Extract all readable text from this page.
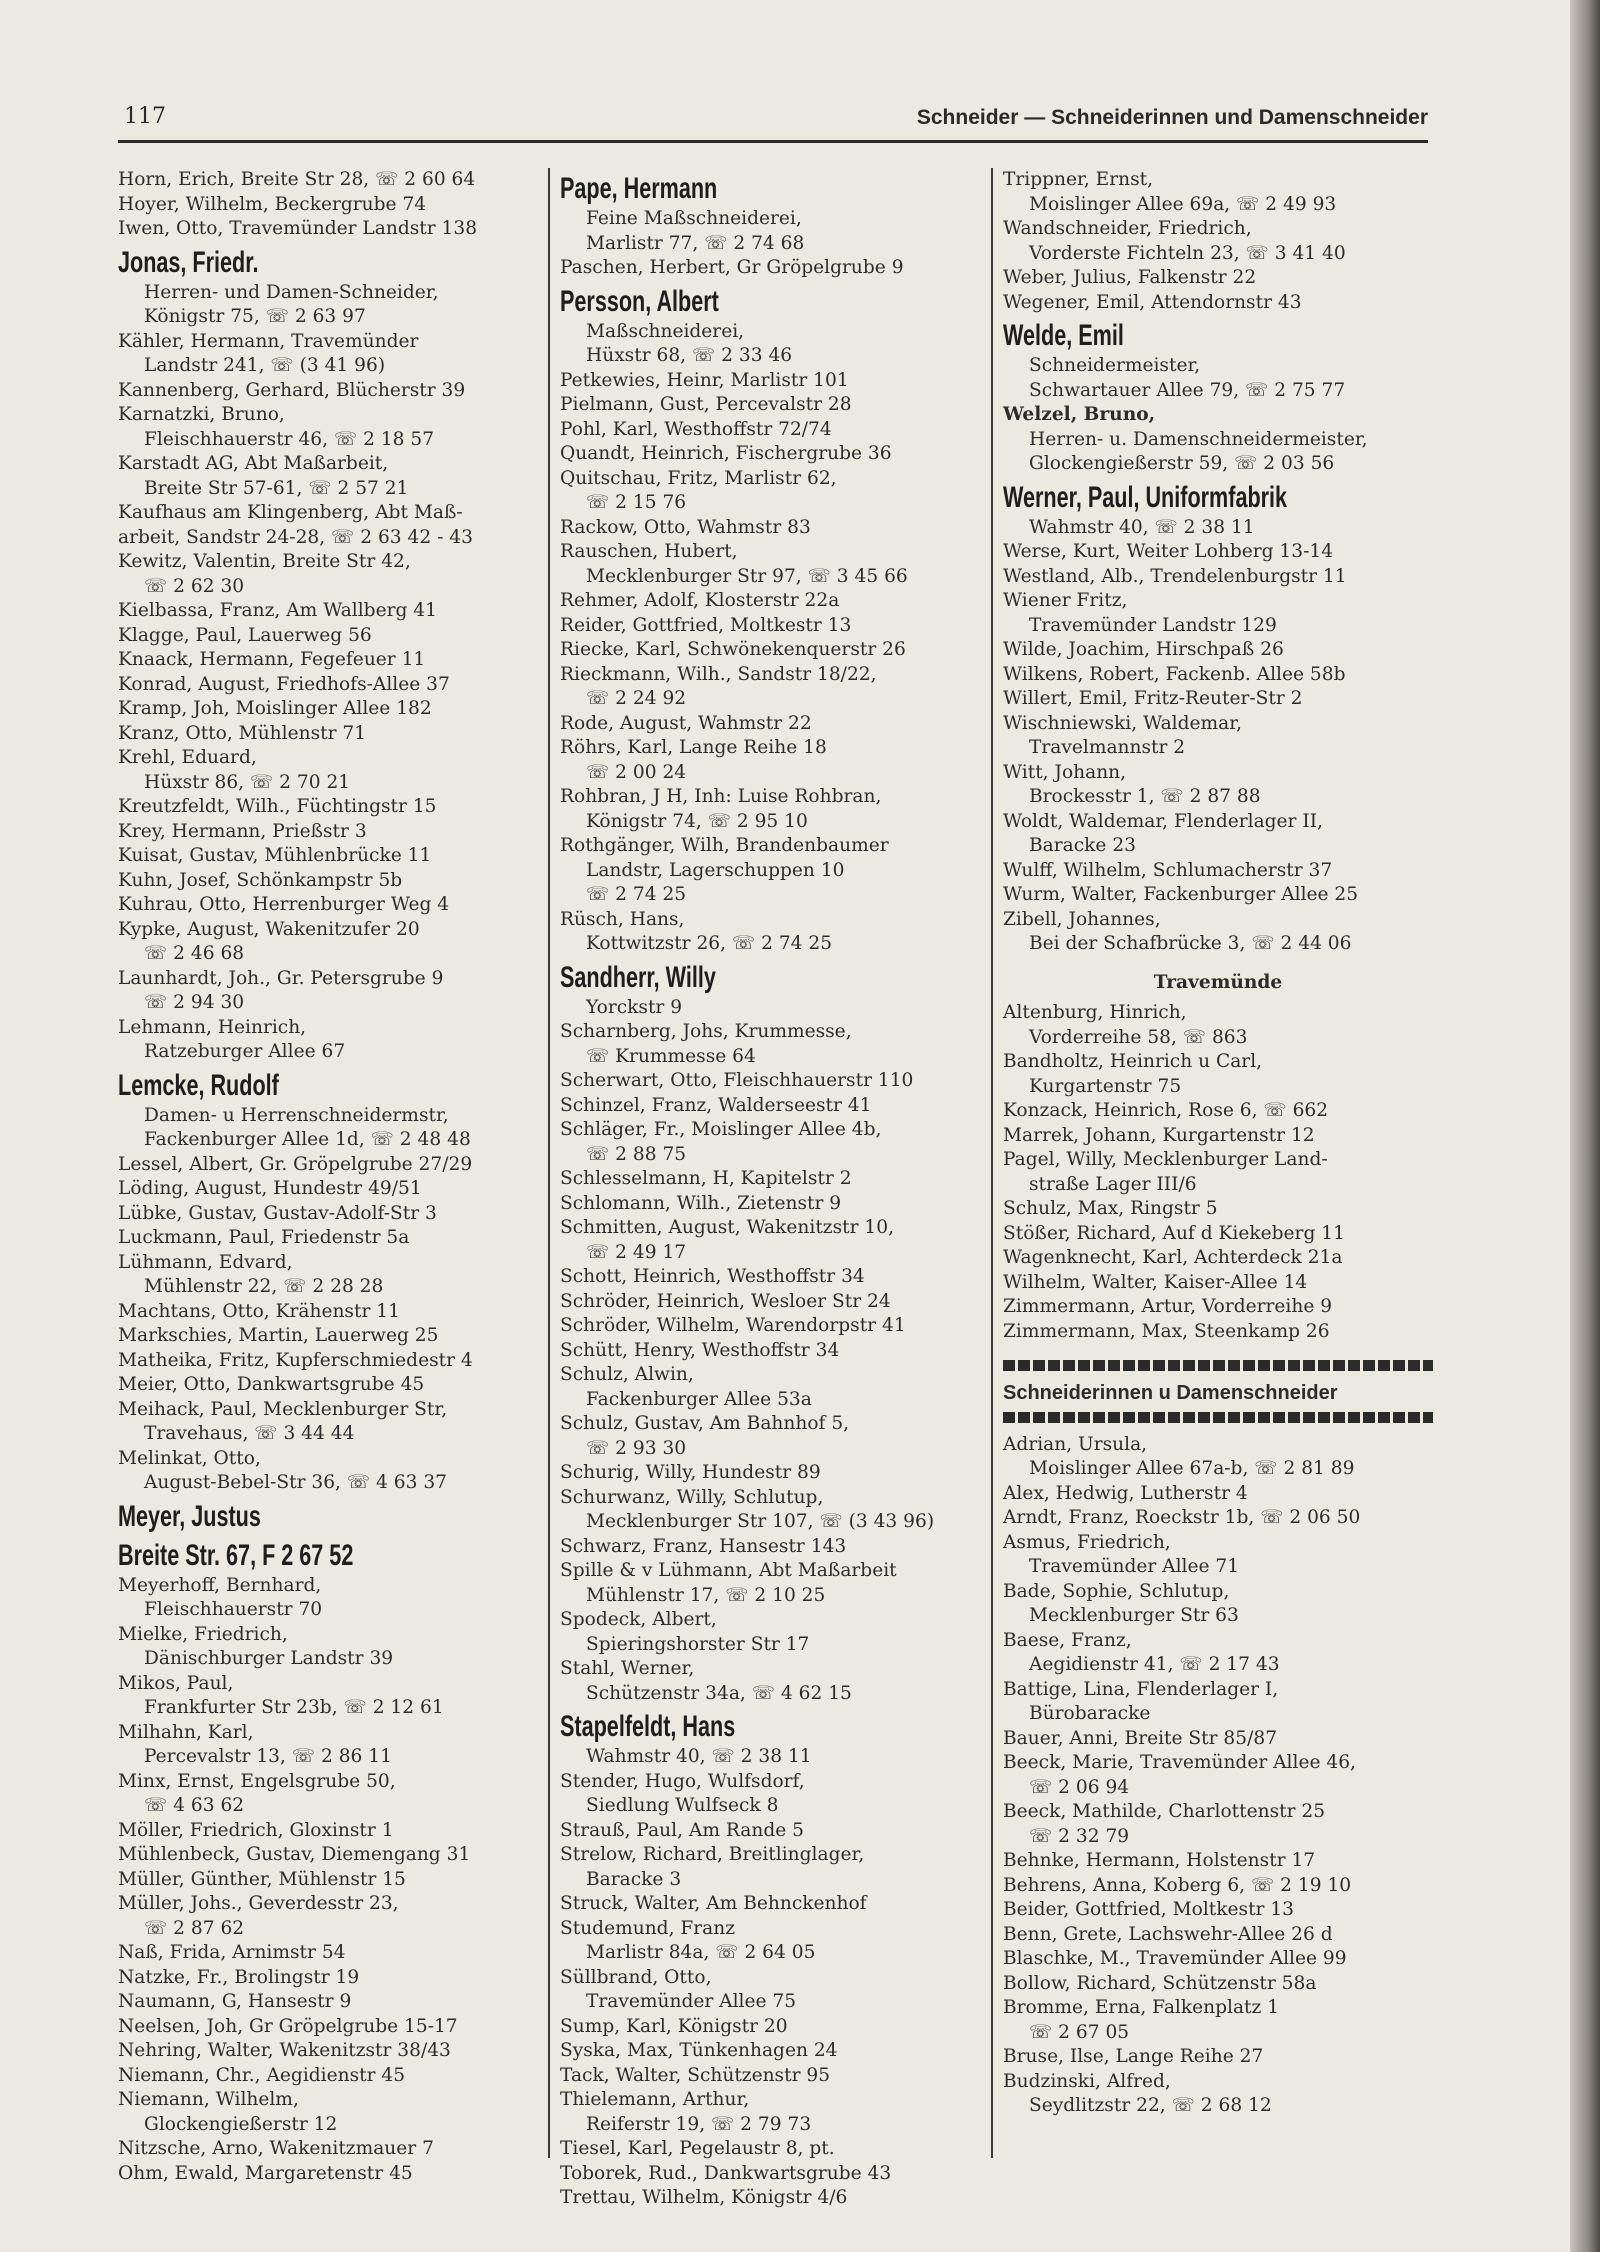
117	Schneider — Schneiderinnen und Damenschneider
Horn, Erich, Breite Str 28, ☏ 2 60 64
Hoyer, Wilhelm, Beckergrube 74
Iwen, Otto, Travemünder Landstr 138
Jonas, Friedr.
Herren- und Damen-Schneider,
Königstr 75, ☏ 2 63 97
Kähler, Hermann, Travemünder
Landstr 241, ☏ (3 41 96)
Kannenberg, Gerhard, Blücherstr 39
Karnatzki, Bruno,
Fleischhauerstr 46, ☏ 2 18 57
Karstadt AG, Abt Maßarbeit,
Breite Str 57-61, ☏ 2 57 21
Kaufhaus am Klingenberg, Abt Maß-
arbeit, Sandstr 24-28, ☏ 2 63 42 - 43
Kewitz, Valentin, Breite Str 42,
☏ 2 62 30
Kielbassa, Franz, Am Wallberg 41
Klagge, Paul, Lauerweg 56
Knaack, Hermann, Fegefeuer 11
Konrad, August, Friedhofs-Allee 37
Kramp, Joh, Moislinger Allee 182
Kranz, Otto, Mühlenstr 71
Krehl, Eduard,
Hüxstr 86, ☏ 2 70 21
Kreutzfeldt, Wilh., Füchtingstr 15
Krey, Hermann, Prießstr 3
Kuisat, Gustav, Mühlenbrücke 11
Kuhn, Josef, Schönkampstr 5b
Kuhrau, Otto, Herrenburger Weg 4
Kypke, August, Wakenitzufer 20
☏ 2 46 68
Launhardt, Joh., Gr. Petersgrube 9
☏ 2 94 30
Lehmann, Heinrich,
Ratzeburger Allee 67
Lemcke, Rudolf
Damen- u Herrenschneidermstr,
Fackenburger Allee 1d, ☏ 2 48 48
Lessel, Albert, Gr. Gröpelgrube 27/29
Löding, August, Hundestr 49/51
Lübke, Gustav, Gustav-Adolf-Str 3
Luckmann, Paul, Friedenstr 5a
Lühmann, Edvard,
Mühlenstr 22, ☏ 2 28 28
Machtans, Otto, Krähenstr 11
Markschies, Martin, Lauerweg 25
Matheika, Fritz, Kupferschmiedestr 4
Meier, Otto, Dankwartsgrube 45
Meihack, Paul, Mecklenburger Str,
Travehaus, ☏ 3 44 44
Melinkat, Otto,
August-Bebel-Str 36, ☏ 4 63 37
Meyer, Justus
Breite Str. 67, F 2 67 52
Meyerhoff, Bernhard,
Fleischhauerstr 70
Mielke, Friedrich,
Dänischburger Landstr 39
Mikos, Paul,
Frankfurter Str 23b, ☏ 2 12 61
Milhahn, Karl,
Percevalstr 13, ☏ 2 86 11
Minx, Ernst, Engelsgrube 50,
☏ 4 63 62
Möller, Friedrich, Gloxinstr 1
Mühlenbeck, Gustav, Diemengang 31
Müller, Günther, Mühlenstr 15
Müller, Johs., Geverdesstr 23,
☏ 2 87 62
Naß, Frida, Arnimstr 54
Natzke, Fr., Brolingstr 19
Naumann, G, Hansestr 9
Neelsen, Joh, Gr Gröpelgrube 15-17
Nehring, Walter, Wakenitzstr 38/43
Niemann, Chr., Aegidienstr 45
Niemann, Wilhelm,
Glockengießerstr 12
Nitzsche, Arno, Wakenitzmauer 7
Ohm, Ewald, Margaretenstr 45
Pape, Hermann
Feine Maßschneiderei,
Marlistr 77, ☏ 2 74 68
Paschen, Herbert, Gr Gröpelgrube 9
Persson, Albert
Maßschneiderei,
Hüxstr 68, ☏ 2 33 46
Petkewies, Heinr, Marlistr 101
Pielmann, Gust, Percevalstr 28
Pohl, Karl, Westhoffstr 72/74
Quandt, Heinrich, Fischergrube 36
Quitschau, Fritz, Marlistr 62,
☏ 2 15 76
Rackow, Otto, Wahmstr 83
Rauschen, Hubert,
Mecklenburger Str 97, ☏ 3 45 66
Rehmer, Adolf, Klosterstr 22a
Reider, Gottfried, Moltkestr 13
Riecke, Karl, Schwönekenquerstr 26
Rieckmann, Wilh., Sandstr 18/22,
☏ 2 24 92
Rode, August, Wahmstr 22
Röhrs, Karl, Lange Reihe 18
☏ 2 00 24
Rohbran, J H, Inh: Luise Rohbran,
Königstr 74, ☏ 2 95 10
Rothgänger, Wilh, Brandenbaumer
Landstr, Lagerschuppen 10
☏ 2 74 25
Rüsch, Hans,
Kottwitzstr 26, ☏ 2 74 25
Sandherr, Willy
Yorckstr 9
Scharnberg, Johs, Krummesse,
☏ Krummesse 64
Scherwart, Otto, Fleischhauerstr 110
Schinzel, Franz, Walderseestr 41
Schläger, Fr., Moislinger Allee 4b,
☏ 2 88 75
Schlesselmann, H, Kapitelstr 2
Schlomann, Wilh., Zietenstr 9
Schmitten, August, Wakenitzstr 10,
☏ 2 49 17
Schott, Heinrich, Westhoffstr 34
Schröder, Heinrich, Wesloer Str 24
Schröder, Wilhelm, Warendorpstr 41
Schütt, Henry, Westhoffstr 34
Schulz, Alwin,
Fackenburger Allee 53a
Schulz, Gustav, Am Bahnhof 5,
☏ 2 93 30
Schurig, Willy, Hundestr 89
Schurwanz, Willy, Schlutup,
Mecklenburger Str 107, ☏ (3 43 96)
Schwarz, Franz, Hansestr 143
Spille & v Lühmann, Abt Maßarbeit
Mühlenstr 17, ☏ 2 10 25
Spodeck, Albert,
Spieringshorster Str 17
Stahl, Werner,
Schützenstr 34a, ☏ 4 62 15
Stapelfeldt, Hans
Wahmstr 40, ☏ 2 38 11
Stender, Hugo, Wulfsdorf,
Siedlung Wulfseck 8
Strauß, Paul, Am Rande 5
Strelow, Richard, Breitlinglager,
Baracke 3
Struck, Walter, Am Behnckenhof
Studemund, Franz
Marlistr 84a, ☏ 2 64 05
Süllbrand, Otto,
Travemünder Allee 75
Sump, Karl, Königstr 20
Syska, Max, Tünkenhagen 24
Tack, Walter, Schützenstr 95
Thielemann, Arthur,
Reiferstr 19, ☏ 2 79 73
Tiesel, Karl, Pegelaustr 8, pt.
Toborek, Rud., Dankwartsgrube 43
Trettau, Wilhelm, Königstr 4/6
Trippner, Ernst,
Moislinger Allee 69a, ☏ 2 49 93
Wandschneider, Friedrich,
Vorderste Fichteln 23, ☏ 3 41 40
Weber, Julius, Falkenstr 22
Wegener, Emil, Attendornstr 43
Welde, Emil
Schneidermeister,
Schwartauer Allee 79, ☏ 2 75 77
Welzel, Bruno,
Herren- u. Damenschneidermeister,
Glockengießerstr 59, ☏ 2 03 56
Werner, Paul, Uniformfabrik
Wahmstr 40, ☏ 2 38 11
Werse, Kurt, Weiter Lohberg 13-14
Westland, Alb., Trendelenburgstr 11
Wiener Fritz,
Travemünder Landstr 129
Wilde, Joachim, Hirschpaß 26
Wilkens, Robert, Fackenb. Allee 58b
Willert, Emil, Fritz-Reuter-Str 2
Wischniewski, Waldemar,
Travelmannstr 2
Witt, Johann,
Brockesstr 1, ☏ 2 87 88
Woldt, Waldemar, Flenderlager II,
Baracke 23
Wulff, Wilhelm, Schlumacherstr 37
Wurm, Walter, Fackenburger Allee 25
Zibell, Johannes,
Bei der Schafbrücke 3, ☏ 2 44 06
Travemünde
Altenburg, Hinrich,
Vorderreihe 58, ☏ 863
Bandholtz, Heinrich u Carl,
Kurgartenstr 75
Konzack, Heinrich, Rose 6, ☏ 662
Marrek, Johann, Kurgartenstr 12
Pagel, Willy, Mecklenburger Land-
straße Lager III/6
Schulz, Max, Ringstr 5
Stößer, Richard, Auf d Kiekeberg 11
Wagenknecht, Karl, Achterdeck 21a
Wilhelm, Walter, Kaiser-Allee 14
Zimmermann, Artur, Vorderreihe 9
Zimmermann, Max, Steenkamp 26
Schneiderinnen u Damenschneider
Adrian, Ursula,
Moislinger Allee 67a-b, ☏ 2 81 89
Alex, Hedwig, Lutherstr 4
Arndt, Franz, Roeckstr 1b, ☏ 2 06 50
Asmus, Friedrich,
Travemünder Allee 71
Bade, Sophie, Schlutup,
Mecklenburger Str 63
Baese, Franz,
Aegidienstr 41, ☏ 2 17 43
Battige, Lina, Flenderlager I,
Bürobaracke
Bauer, Anni, Breite Str 85/87
Beeck, Marie, Travemünder Allee 46,
☏ 2 06 94
Beeck, Mathilde, Charlottenstr 25
☏ 2 32 79
Behnke, Hermann, Holstenstr 17
Behrens, Anna, Koberg 6, ☏ 2 19 10
Beider, Gottfried, Moltkestr 13
Benn, Grete, Lachswehr-Allee 26 d
Blaschke, M., Travemünder Allee 99
Bollow, Richard, Schützenstr 58a
Bromme, Erna, Falkenplatz 1
☏ 2 67 05
Bruse, Ilse, Lange Reihe 27
Budzinski, Alfred,
Seydlitzstr 22, ☏ 2 68 12
